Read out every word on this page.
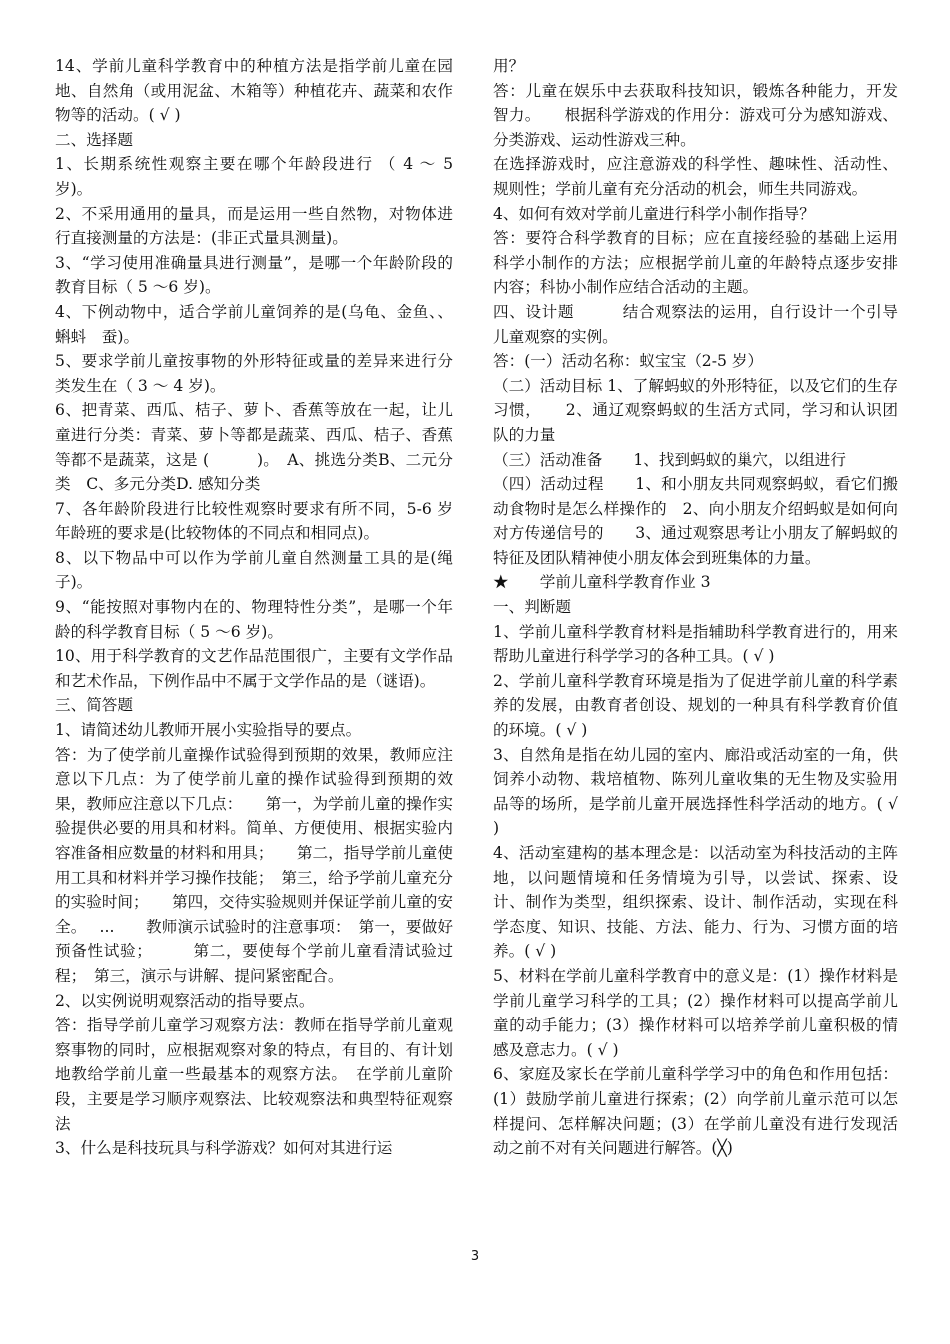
14、学前儿童科学教育中的种植方法是指学前儿童在园地、自然角（或用泥盆、木箱等）种植花卉、蔬菜和农作物等的活动。( √ )

二、选择题

1、长期系统性观察主要在哪个年龄段进行 （ 4 ～ 5 岁)。

2、不采用通用的量具，而是运用一些自然物，对物体进行直接测量的方法是：(非正式量具测量)。

3、“学习使用准确量具进行测量”，是哪一个年龄阶段的教育目标（ 5 ～6 岁)。

4、下例动物中，适合学前儿童饲养的是(乌龟、金鱼、、蝌蚪　蚕)。

5、要求学前儿童按事物的外形特征或量的差异来进行分类发生在（ 3 ～ 4 岁)。

6、把青菜、西瓜、桔子、萝卜、香蕉等放在一起，让儿童进行分类：青菜、萝卜等都是蔬菜、西瓜、桔子、香蕉等都不是蔬菜，这是 (　　　)。　A、挑选分类B、二元分类　C、多元分类D. 感知分类

7、各年龄阶段进行比较性观察时要求有所不同，5-6 岁年龄班的要求是(比较物体的不同点和相同点)。

8、以下物品中可以作为学前儿童自然测量工具的是(绳子)。

9、“能按照对事物内在的、物理特性分类”，是哪一个年龄的科学教育目标（ 5 ～6 岁)。

10、用于科学教育的文艺作品范围很广，主要有文学作品和艺术作品，下例作品中不属于文学作品的是（谜语)。

三、简答题

1、请简述幼儿教师开展小实验指导的要点。

答：为了使学前儿童操作试验得到预期的效果，教师应注意以下几点：为了使学前儿童的操作试验得到预期的效果，教师应注意以下几点：　　第一，为学前儿童的操作实验提供必要的用具和材料。简单、方便使用、根据实验内容准备相应数量的材料和用具；　　第二，指导学前儿童使用工具和材料并学习操作技能；　第三，给予学前儿童充分的实验时间；　　第四，交待实验规则并保证学前儿童的安全。　 ...　　教师演示试验时的注意事项：　第一，要做好预备性试验；　　　第二，要使每个学前儿童看清试验过程；　第三，演示与讲解、提问紧密配合。

2、以实例说明观察活动的指导要点。

答：指导学前儿童学习观察方法：教师在指导学前儿童观察事物的同时，应根据观察对象的特点，有目的、有计划地教给学前儿童一些最基本的观察方法。　在学前儿童阶段，主要是学习顺序观察法、比较观察法和典型特征观察法

3、什么是科技玩具与科学游戏？如何对其进行运

用？

答：儿童在娱乐中去获取科技知识，锻炼各种能力，开发智力。　　根据科学游戏的作用分：游戏可分为感知游戏、分类游戏、运动性游戏三种。

在选择游戏时，应注意游戏的科学性、趣味性、活动性、规则性；学前儿童有充分活动的机会，师生共同游戏。

4、如何有效对学前儿童进行科学小制作指导？

答：要符合科学教育的目标；应在直接经验的基础上运用科学小制作的方法；应根据学前儿童的年龄特点逐步安排内容；科协小制作应结合活动的主题。

四、设计题　　　结合观察法的运用，自行设计一个引导儿童观察的实例。

答：(一）活动名称：蚁宝宝（2-5 岁）

（二）活动目标 1、了解蚂蚁的外形特征，以及它们的生存习惯，　　2、通辽观察蚂蚁的生活方式同，学习和认识团队的力量

（三）活动准备　　1、找到蚂蚁的巢穴，以组进行

（四）活动过程　　1、和小朋友共同观察蚂蚁，看它们搬动食物时是怎么样操作的　2、向小朋友介绍蚂蚁是如何向对方传递信号的　　3、通过观察思考让小朋友了解蚂蚁的特征及团队精神使小朋友体会到班集体的力量。

★　　学前儿童科学教育作业 3

一、判断题

1、学前儿童科学教育材料是指辅助科学教育进行的，用来帮助儿童进行科学学习的各种工具。( √ )

2、学前儿童科学教育环境是指为了促进学前儿童的科学素养的发展，由教育者创设、规划的一种具有科学教育价值的环境。( √ )

3、自然角是指在幼儿园的室内、廊沿或活动室的一角，供饲养小动物、栽培植物、陈列儿童收集的无生物及实验用品等的场所，是学前儿童开展选择性科学活动的地方。( √ )

4、活动室建构的基本理念是：以活动室为科技活动的主阵地，以问题情境和任务情境为引导，以尝试、探索、设计、制作为类型，组织探索、设计、制作活动，实现在科学态度、知识、技能、方法、能力、行为、习惯方面的培养。( √ )

5、材料在学前儿童科学教育中的意义是：(1）操作材料是学前儿童学习科学的工具；(2）操作材料可以提高学前儿童的动手能力；(3）操作材料可以培养学前儿童积极的情感及意志力。( √ )

6、家庭及家长在学前儿童科学学习中的角色和作用包括：(1）鼓励学前儿童进行探索；(2）向学前儿童示范可以怎样提问、怎样解决问题；(3）在学前儿童没有进行发现活动之前不对有关问题进行解答。(╳)

3
